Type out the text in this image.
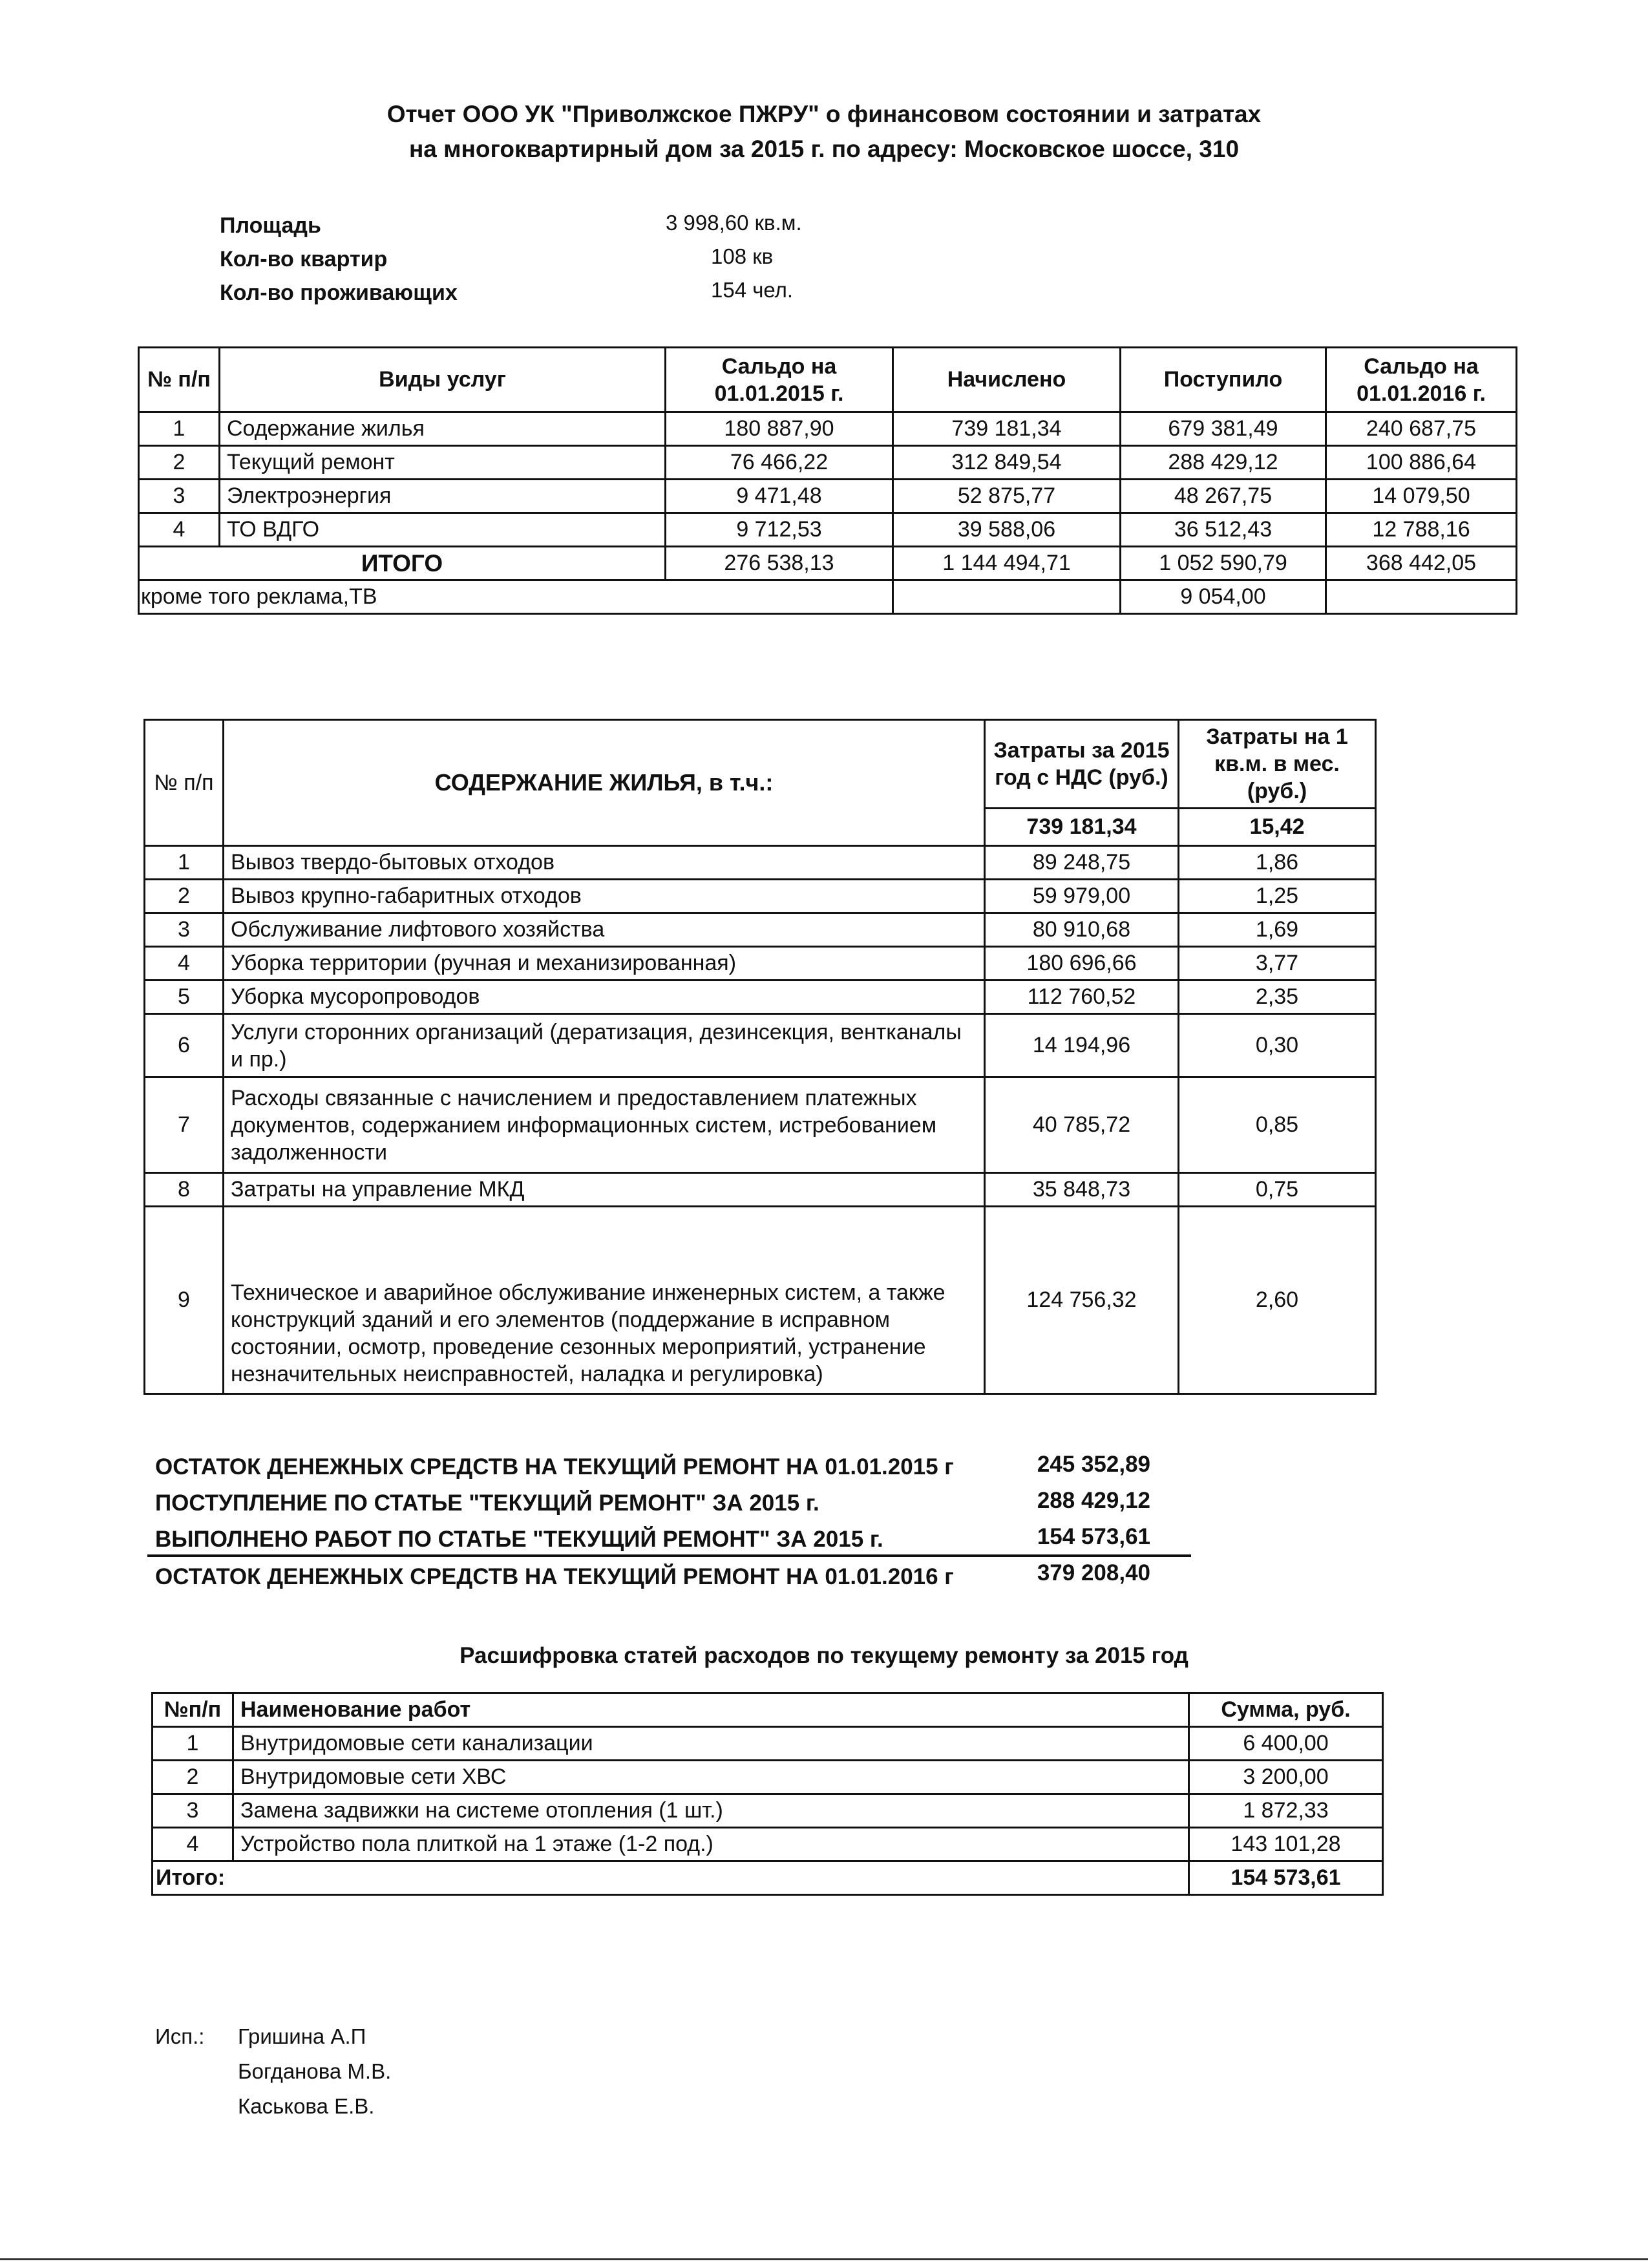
Отчет ООО УК "Приволжское ПЖРУ" о финансовом состоянии и затратах
на многоквартирный дом за 2015 г. по адресу: Московское шоссе, 310
Площадь	3 998,60 кв.м.
Кол-во квартир	108 кв
Кол-во проживающих	154 чел.
№ п/п	Виды услуг	Сальдо на 01.01.2015 г.	Начислено	Поступило	Сальдо на 01.01.2016 г.
1	Содержание жилья	180 887,90	739 181,34	679 381,49	240 687,75
2	Текущий ремонт	76 466,22	312 849,54	288 429,12	100 886,64
3	Электроэнергия	9 471,48	52 875,77	48 267,75	14 079,50
4	ТО ВДГО	9 712,53	39 588,06	36 512,43	12 788,16
ИТОГО		276 538,13	1 144 494,71	1 052 590,79	368 442,05
кроме того реклама,ТВ				9 054,00	
№ п/п	СОДЕРЖАНИЕ ЖИЛЬЯ, в т.ч.:	Затраты за 2015 год с НДС (руб.)	Затраты на 1 кв.м. в мес. (руб.)
		739 181,34	15,42
1	Вывоз твердо-бытовых отходов	89 248,75	1,86
2	Вывоз крупно-габаритных отходов	59 979,00	1,25
3	Обслуживание лифтового хозяйства	80 910,68	1,69
4	Уборка территории (ручная и механизированная)	180 696,66	3,77
5	Уборка мусоропроводов	112 760,52	2,35
6	Услуги сторонних организаций (дератизация, дезинсекция, вентканалы и пр.)	14 194,96	0,30
7	Расходы связанные с начислением и предоставлением платежных документов, содержанием информационных систем, истребованием задолженности	40 785,72	0,85
8	Затраты на управление МКД	35 848,73	0,75
9	Техническое и аварийное обслуживание инженерных систем, а также конструкций зданий и его элементов (поддержание в исправном состоянии, осмотр, проведение сезонных мероприятий, устранение незначительных неисправностей, наладка и регулировка)	124 756,32	2,60
ОСТАТОК ДЕНЕЖНЫХ СРЕДСТВ НА ТЕКУЩИЙ РЕМОНТ НА 01.01.2015 г	245 352,89
ПОСТУПЛЕНИЕ ПО СТАТЬЕ "ТЕКУЩИЙ РЕМОНТ" ЗА 2015 г.	288 429,12
ВЫПОЛНЕНО РАБОТ ПО СТАТЬЕ "ТЕКУЩИЙ РЕМОНТ" ЗА 2015 г.	154 573,61
ОСТАТОК ДЕНЕЖНЫХ СРЕДСТВ НА ТЕКУЩИЙ РЕМОНТ НА 01.01.2016 г	379 208,40
Расшифровка статей расходов по текущему ремонту за 2015 год
№п/п	Наименование работ	Сумма, руб.
1	Внутридомовые сети канализации	6 400,00
2	Внутридомовые сети ХВС	3 200,00
3	Замена задвижки на системе отопления (1 шт.)	1 872,33
4	Устройство пола плиткой на 1 этаже (1-2 под.)	143 101,28
Итого:		154 573,61
Исп.: Гришина А.П
Богданова М.В.
Каськова Е.В.
